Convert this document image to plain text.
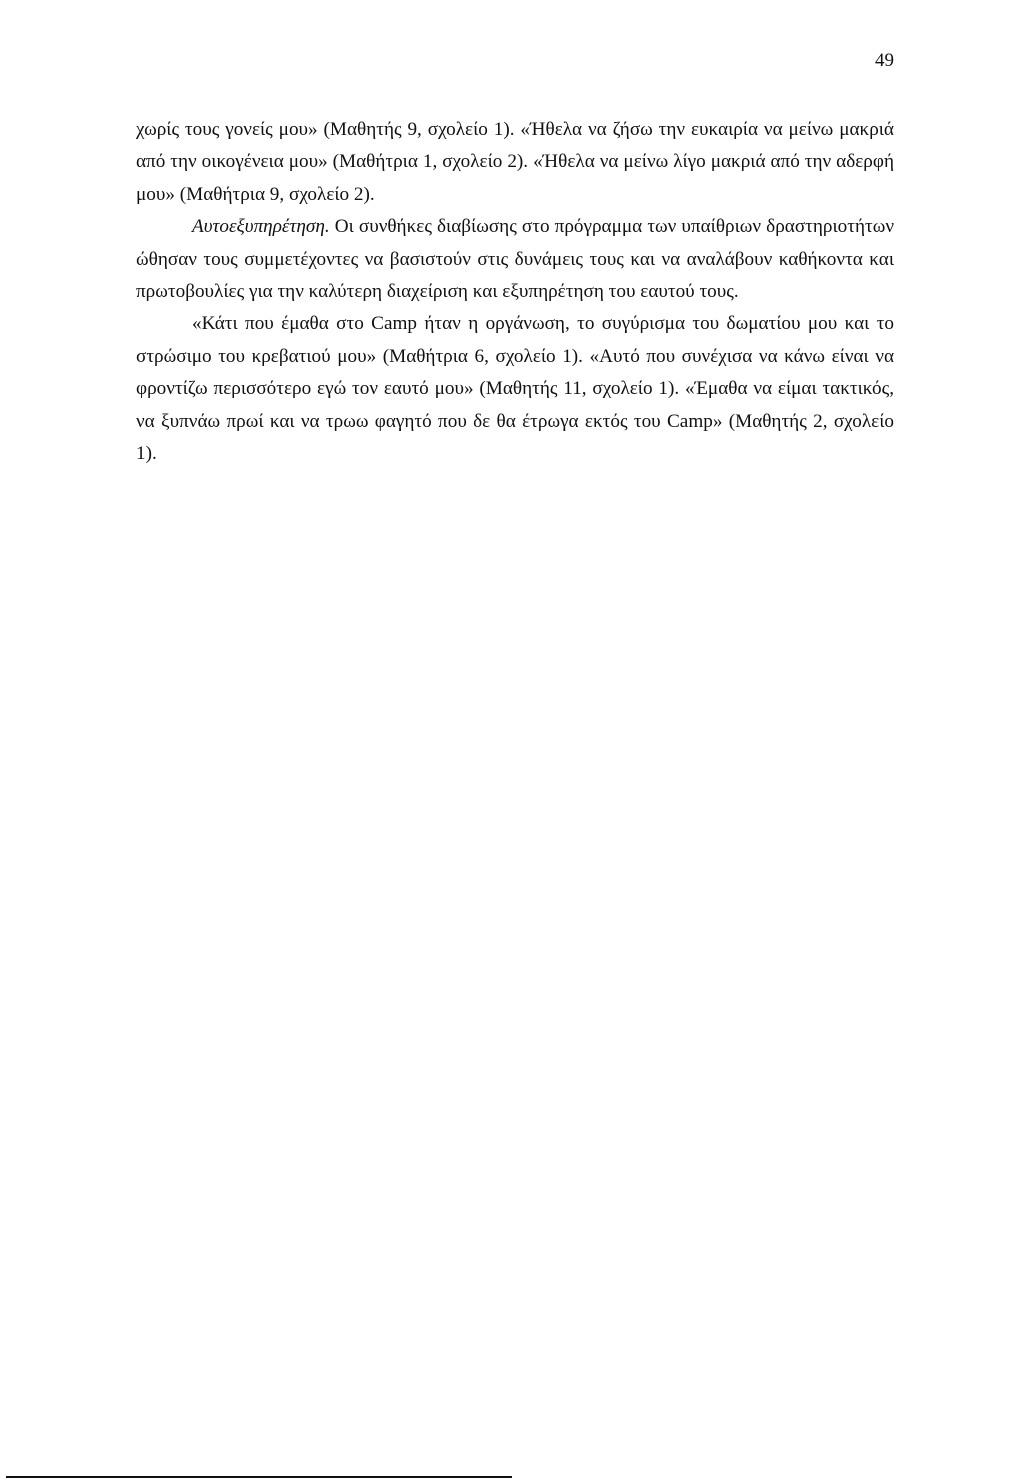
49

χωρίς τους γονείς μου» (Μαθητής 9, σχολείο 1). «Ήθελα να ζήσω την ευκαιρία να μείνω μακριά από την οικογένεια μου» (Μαθήτρια 1, σχολείο 2). «Ήθελα να μείνω λίγο μακριά από την αδερφή μου» (Μαθήτρια 9, σχολείο 2).

Αυτοεξυπηρέτηση. Οι συνθήκες διαβίωσης στο πρόγραμμα των υπαίθριων δραστηριοτήτων ώθησαν τους συμμετέχοντες να βασιστούν στις δυνάμεις τους και να αναλάβουν καθήκοντα και πρωτοβουλίες για την καλύτερη διαχείριση και εξυπηρέτηση του εαυτού τους.

«Κάτι που έμαθα στο Camp ήταν η οργάνωση, το συγύρισμα του δωματίου μου και το στρώσιμο του κρεβατιού μου» (Μαθήτρια 6, σχολείο 1). «Αυτό που συνέχισα να κάνω είναι να φροντίζω περισσότερο εγώ τον εαυτό μου» (Μαθητής 11, σχολείο 1). «Έμαθα να είμαι τακτικός, να ξυπνάω πρωί και να τρωω φαγητό που δε θα έτρωγα εκτός του Camp» (Μαθητής 2, σχολείο 1).
